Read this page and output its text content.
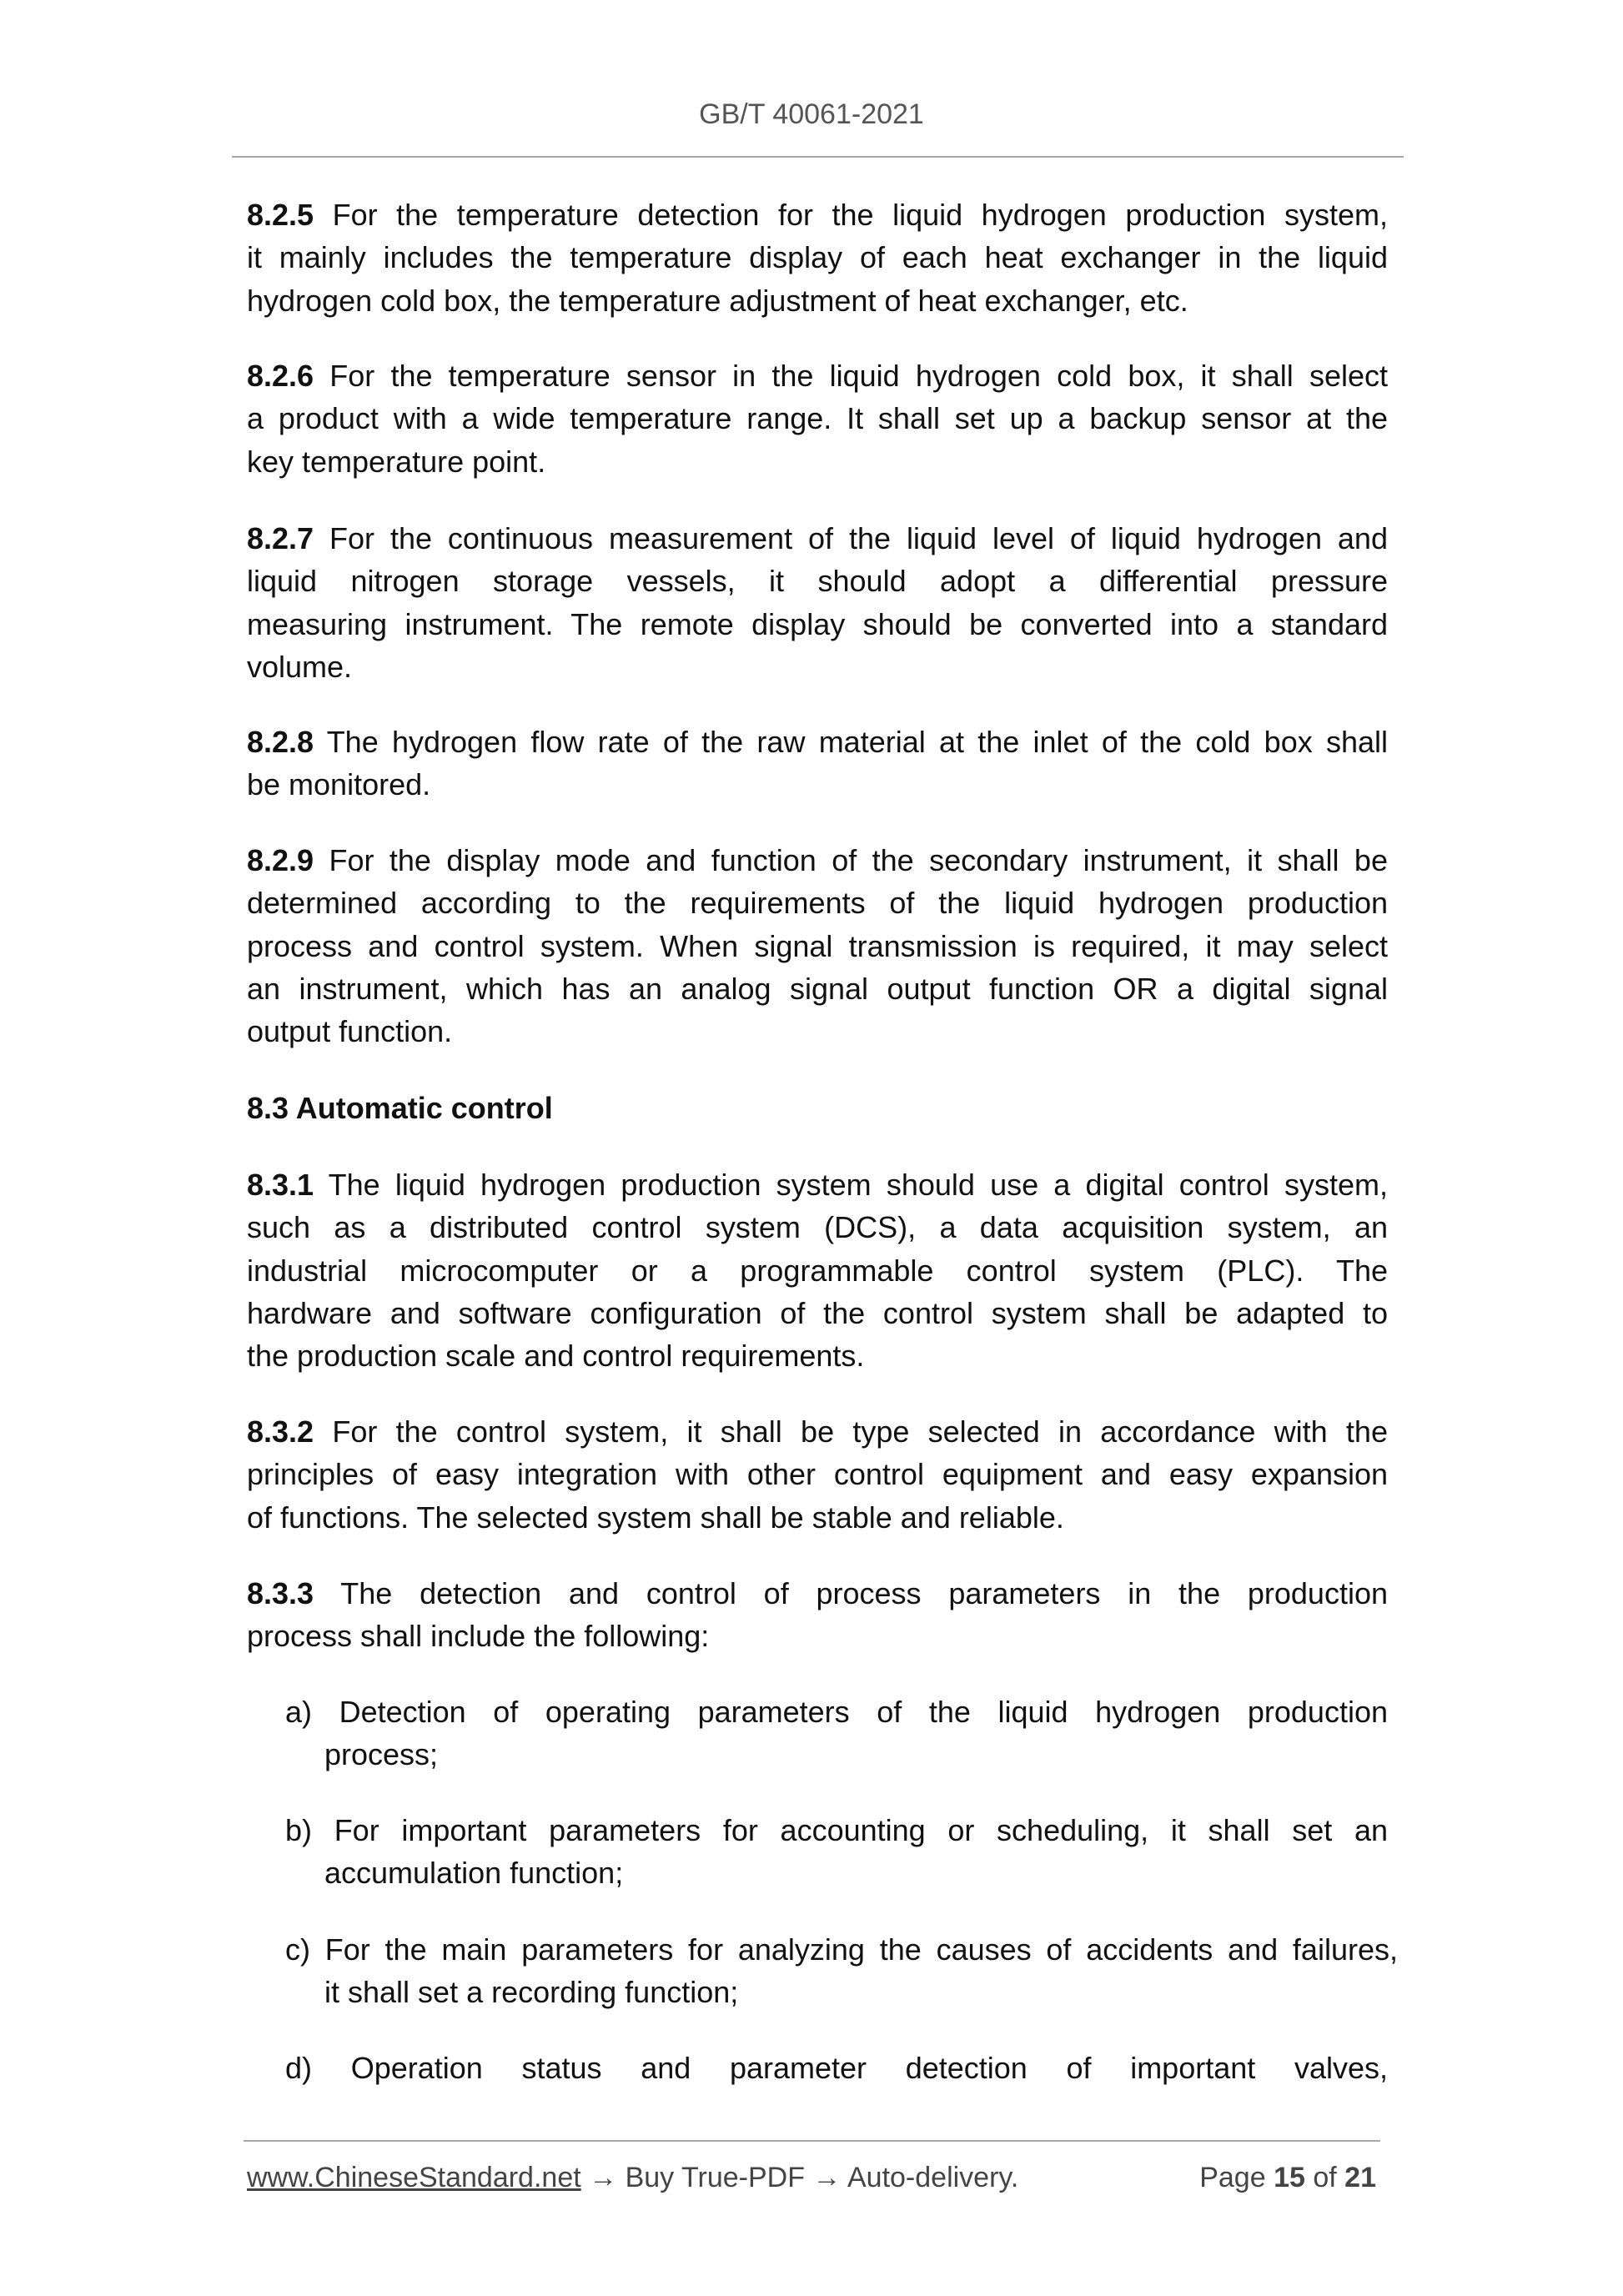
GB/T 40061-2021
8.2.5 For the temperature detection for the liquid hydrogen production system,
it mainly includes the temperature display of each heat exchanger in the liquid
hydrogen cold box, the temperature adjustment of heat exchanger, etc.
8.2.6 For the temperature sensor in the liquid hydrogen cold box, it shall select
a product with a wide temperature range. It shall set up a backup sensor at the
key temperature point.
8.2.7 For the continuous measurement of the liquid level of liquid hydrogen and
liquid nitrogen storage vessels, it should adopt a differential pressure
measuring instrument. The remote display should be converted into a standard
volume.
8.2.8 The hydrogen flow rate of the raw material at the inlet of the cold box shall
be monitored.
8.2.9 For the display mode and function of the secondary instrument, it shall be
determined according to the requirements of the liquid hydrogen production
process and control system. When signal transmission is required, it may select
an instrument, which has an analog signal output function OR a digital signal
output function.
8.3.1 The liquid hydrogen production system should use a digital control system,
such as a distributed control system (DCS), a data acquisition system, an
industrial microcomputer or a programmable control system (PLC). The
hardware and software configuration of the control system shall be adapted to
the production scale and control requirements.
8.3.2 For the control system, it shall be type selected in accordance with the
principles of easy integration with other control equipment and easy expansion
of functions. The selected system shall be stable and reliable.
8.3.3 The detection and control of process parameters in the production
process shall include the following:
8.3 Automatic control
a) Detection of operating parameters of the liquid hydrogen production
process;
b) For important parameters for accounting or scheduling, it shall set an
accumulation function;
c) For the main parameters for analyzing the causes of accidents and failures,
it shall set a recording function;
d) Operation status and parameter detection of important valves,
www.ChineseStandard.net → Buy True-PDF → Auto-delivery.	Page 15 of 21
